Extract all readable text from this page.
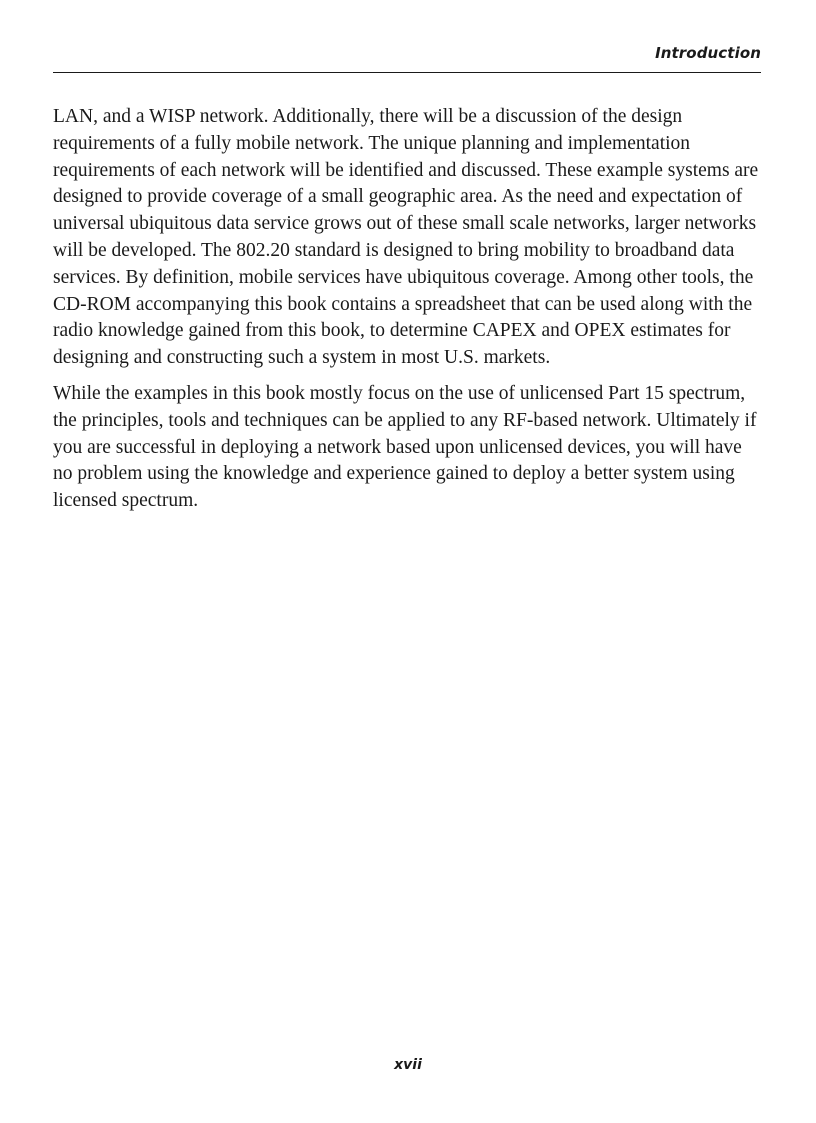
Introduction

LAN, and a WISP network. Additionally, there will be a discussion of the design requirements of a fully mobile network. The unique planning and implementation requirements of each network will be identified and discussed. These example systems are designed to provide coverage of a small geographic area. As the need and expectation of universal ubiquitous data service grows out of these small scale networks, larger networks will be developed. The 802.20 standard is designed to bring mobility to broadband data services. By definition, mobile services have ubiquitous coverage. Among other tools, the CD-ROM accompanying this book contains a spreadsheet that can be used along with the radio knowledge gained from this book, to determine CAPEX and OPEX estimates for designing and constructing such a system in most U.S. markets.

While the examples in this book mostly focus on the use of unlicensed Part 15 spectrum, the principles, tools and techniques can be applied to any RF-based network. Ultimately if you are successful in deploying a network based upon unlicensed devices, you will have no problem using the knowledge and experience gained to deploy a better system using licensed spectrum.

xvii
